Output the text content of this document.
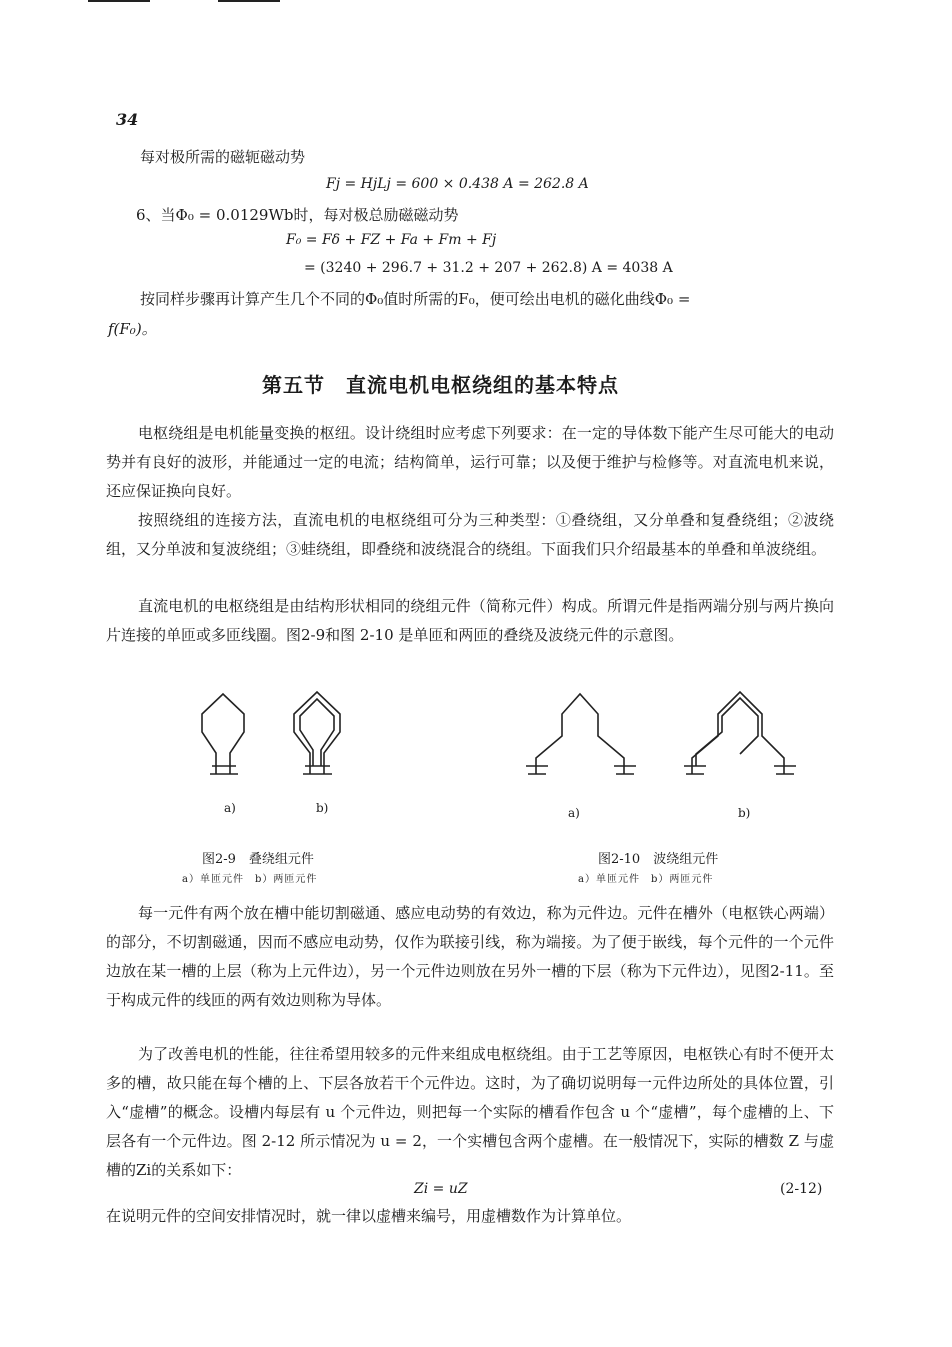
34
每对极所需的磁轭磁动势
Fj = HjLj = 600 × 0.438 A = 262.8 A
6、当Φ₀ = 0.0129Wb时，每对极总励磁磁动势
F₀ = Fδ + FZ + Fa + Fm + Fj
= (3240 + 296.7 + 31.2 + 207 + 262.8) A = 4038 A
按同样步骤再计算产生几个不同的Φ₀值时所需的F₀，便可绘出电机的磁化曲线Φ₀ =
f(F₀)。
第五节　直流电机电枢绕组的基本特点
电枢绕组是电机能量变换的枢纽。设计绕组时应考虑下列要求：在一定的导体数下能产生尽可能大的电动势并有良好的波形，并能通过一定的电流；结构简单，运行可靠；以及便于维护与检修等。对直流电机来说，还应保证换向良好。
按照绕组的连接方法，直流电机的电枢绕组可分为三种类型：①叠绕组，又分单叠和复叠绕组；②波绕组，又分单波和复波绕组；③蛙绕组，即叠绕和波绕混合的绕组。下面我们只介绍最基本的单叠和单波绕组。
直流电机的电枢绕组是由结构形状相同的绕组元件（简称元件）构成。所谓元件是指两端分别与两片换向片连接的单匝或多匝线圈。图2-9和图 2-10 是单匝和两匝的叠绕及波绕元件的示意图。
a)	b)
图2-9　叠绕组元件
a）单匝元件　b）两匝元件
a)	b)
图2-10　波绕组元件
a）单匝元件　b）两匝元件
每一元件有两个放在槽中能切割磁通、感应电动势的有效边，称为元件边。元件在槽外（电枢铁心两端）的部分，不切割磁通，因而不感应电动势，仅作为联接引线，称为端接。为了便于嵌线，每个元件的一个元件边放在某一槽的上层（称为上元件边），另一个元件边则放在另外一槽的下层（称为下元件边），见图2-11。至于构成元件的线匝的两有效边则称为导体。
为了改善电机的性能，往往希望用较多的元件来组成电枢绕组。由于工艺等原因，电枢铁心有时不便开太多的槽，故只能在每个槽的上、下层各放若干个元件边。这时，为了确切说明每一元件边所处的具体位置，引入“虚槽”的概念。设槽内每层有 u 个元件边，则把每一个实际的槽看作包含 u 个“虚槽”，每个虚槽的上、下层各有一个元件边。图 2-12 所示情况为 u = 2，一个实槽包含两个虚槽。在一般情况下，实际的槽数 Z 与虚槽的Zi的关系如下：
Zi = uZ	(2-12)
在说明元件的空间安排情况时，就一律以虚槽来编号，用虚槽数作为计算单位。
